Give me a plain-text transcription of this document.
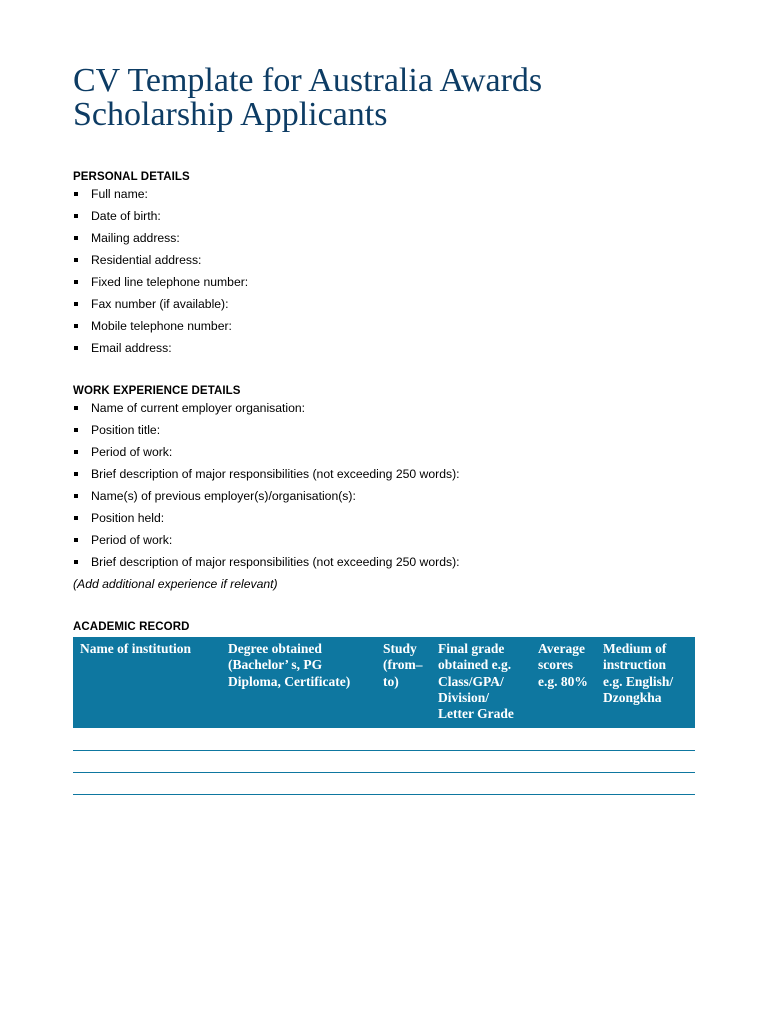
CV Template for Australia Awards
Scholarship Applicants
PERSONAL DETAILS
Full name:
Date of birth:
Mailing address:
Residential address:
Fixed line telephone number:
Fax number (if available):
Mobile telephone number:
Email address:
WORK EXPERIENCE DETAILS
Name of current employer organisation:
Position title:
Period of work:
Brief description of major responsibilities (not exceeding 250 words):
Name(s) of previous employer(s)/organisation(s):
Position held:
Period of work:
Brief description of major responsibilities (not exceeding 250 words):

(Add additional experience if relevant)

ACADEMIC RECORD
Name of institution	Degree obtained
(Bachelor’ s, PG
Diploma, Certificate)	Study
(from–
to)	Final grade
obtained e.g.
Class/GPA/
Division/
Letter Grade	Average
scores
e.g. 80%	Medium of
instruction
e.g. English/
Dzongkha
